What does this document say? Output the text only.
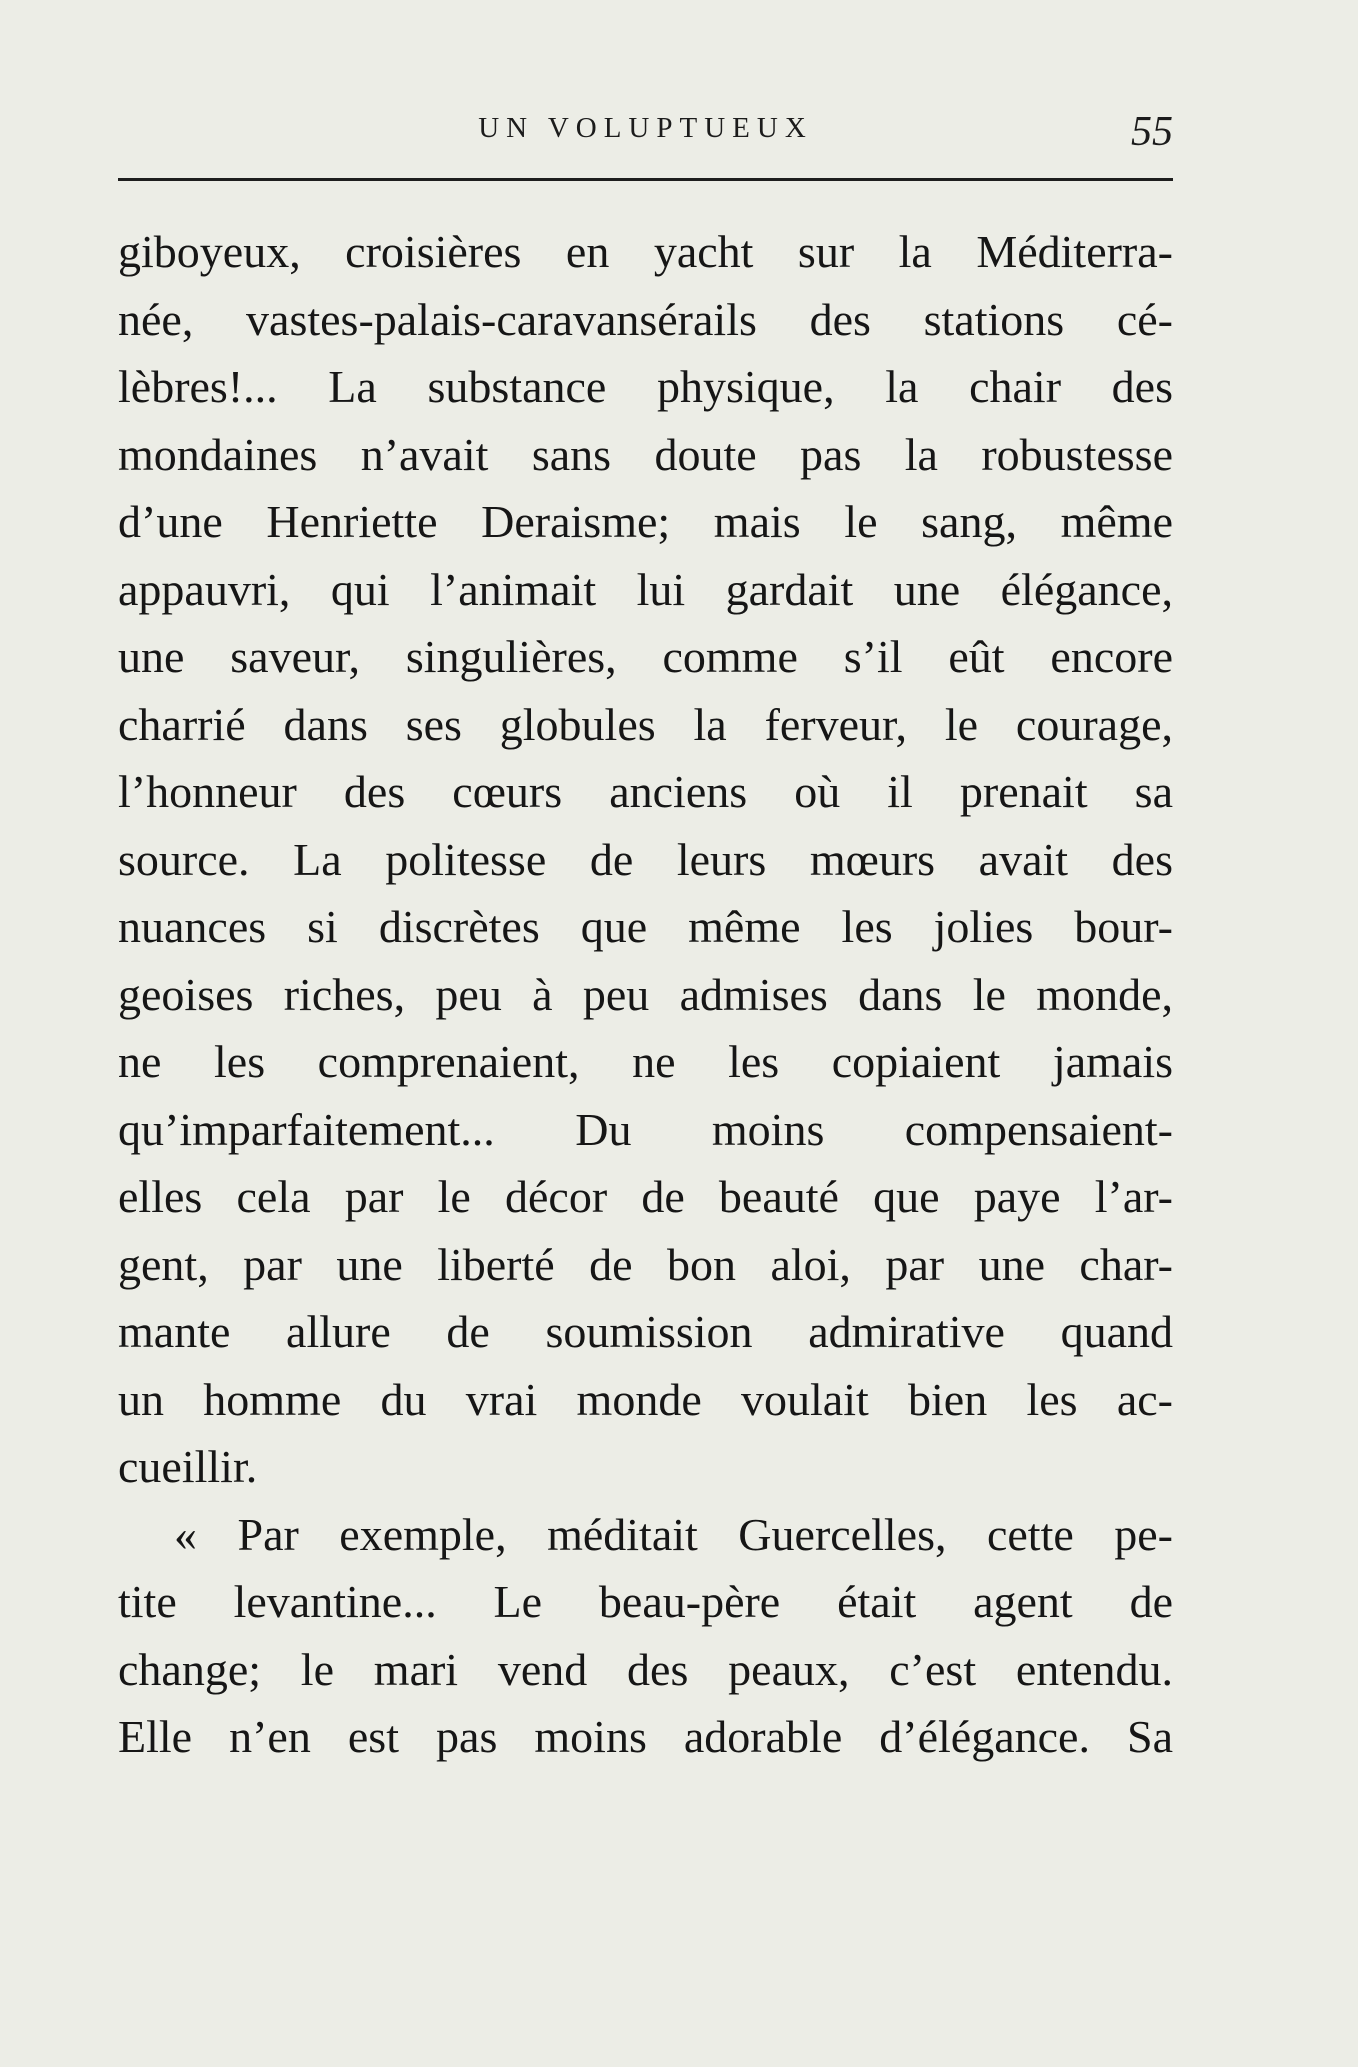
UN VOLUPTUEUX	55
giboyeux, croisières en yacht sur la Méditerra-
née, vastes-palais-caravansérails des stations cé-
lèbres!... La substance physique, la chair des
mondaines n’avait sans doute pas la robustesse
d’une Henriette Deraisme; mais le sang, même
appauvri, qui l’animait lui gardait une élégance,
une saveur, singulières, comme s’il eût encore
charrié dans ses globules la ferveur, le courage,
l’honneur des cœurs anciens où il prenait sa
source. La politesse de leurs mœurs avait des
nuances si discrètes que même les jolies bour-
geoises riches, peu à peu admises dans le monde,
ne les comprenaient, ne les copiaient jamais
qu’imparfaitement... Du moins compensaient-
elles cela par le décor de beauté que paye l’ar-
gent, par une liberté de bon aloi, par une char-
mante allure de soumission admirative quand
un homme du vrai monde voulait bien les ac-
cueillir.
« Par exemple, méditait Guercelles, cette pe-
tite levantine... Le beau-père était agent de
change; le mari vend des peaux, c’est entendu.
Elle n’en est pas moins adorable d’élégance. Sa
